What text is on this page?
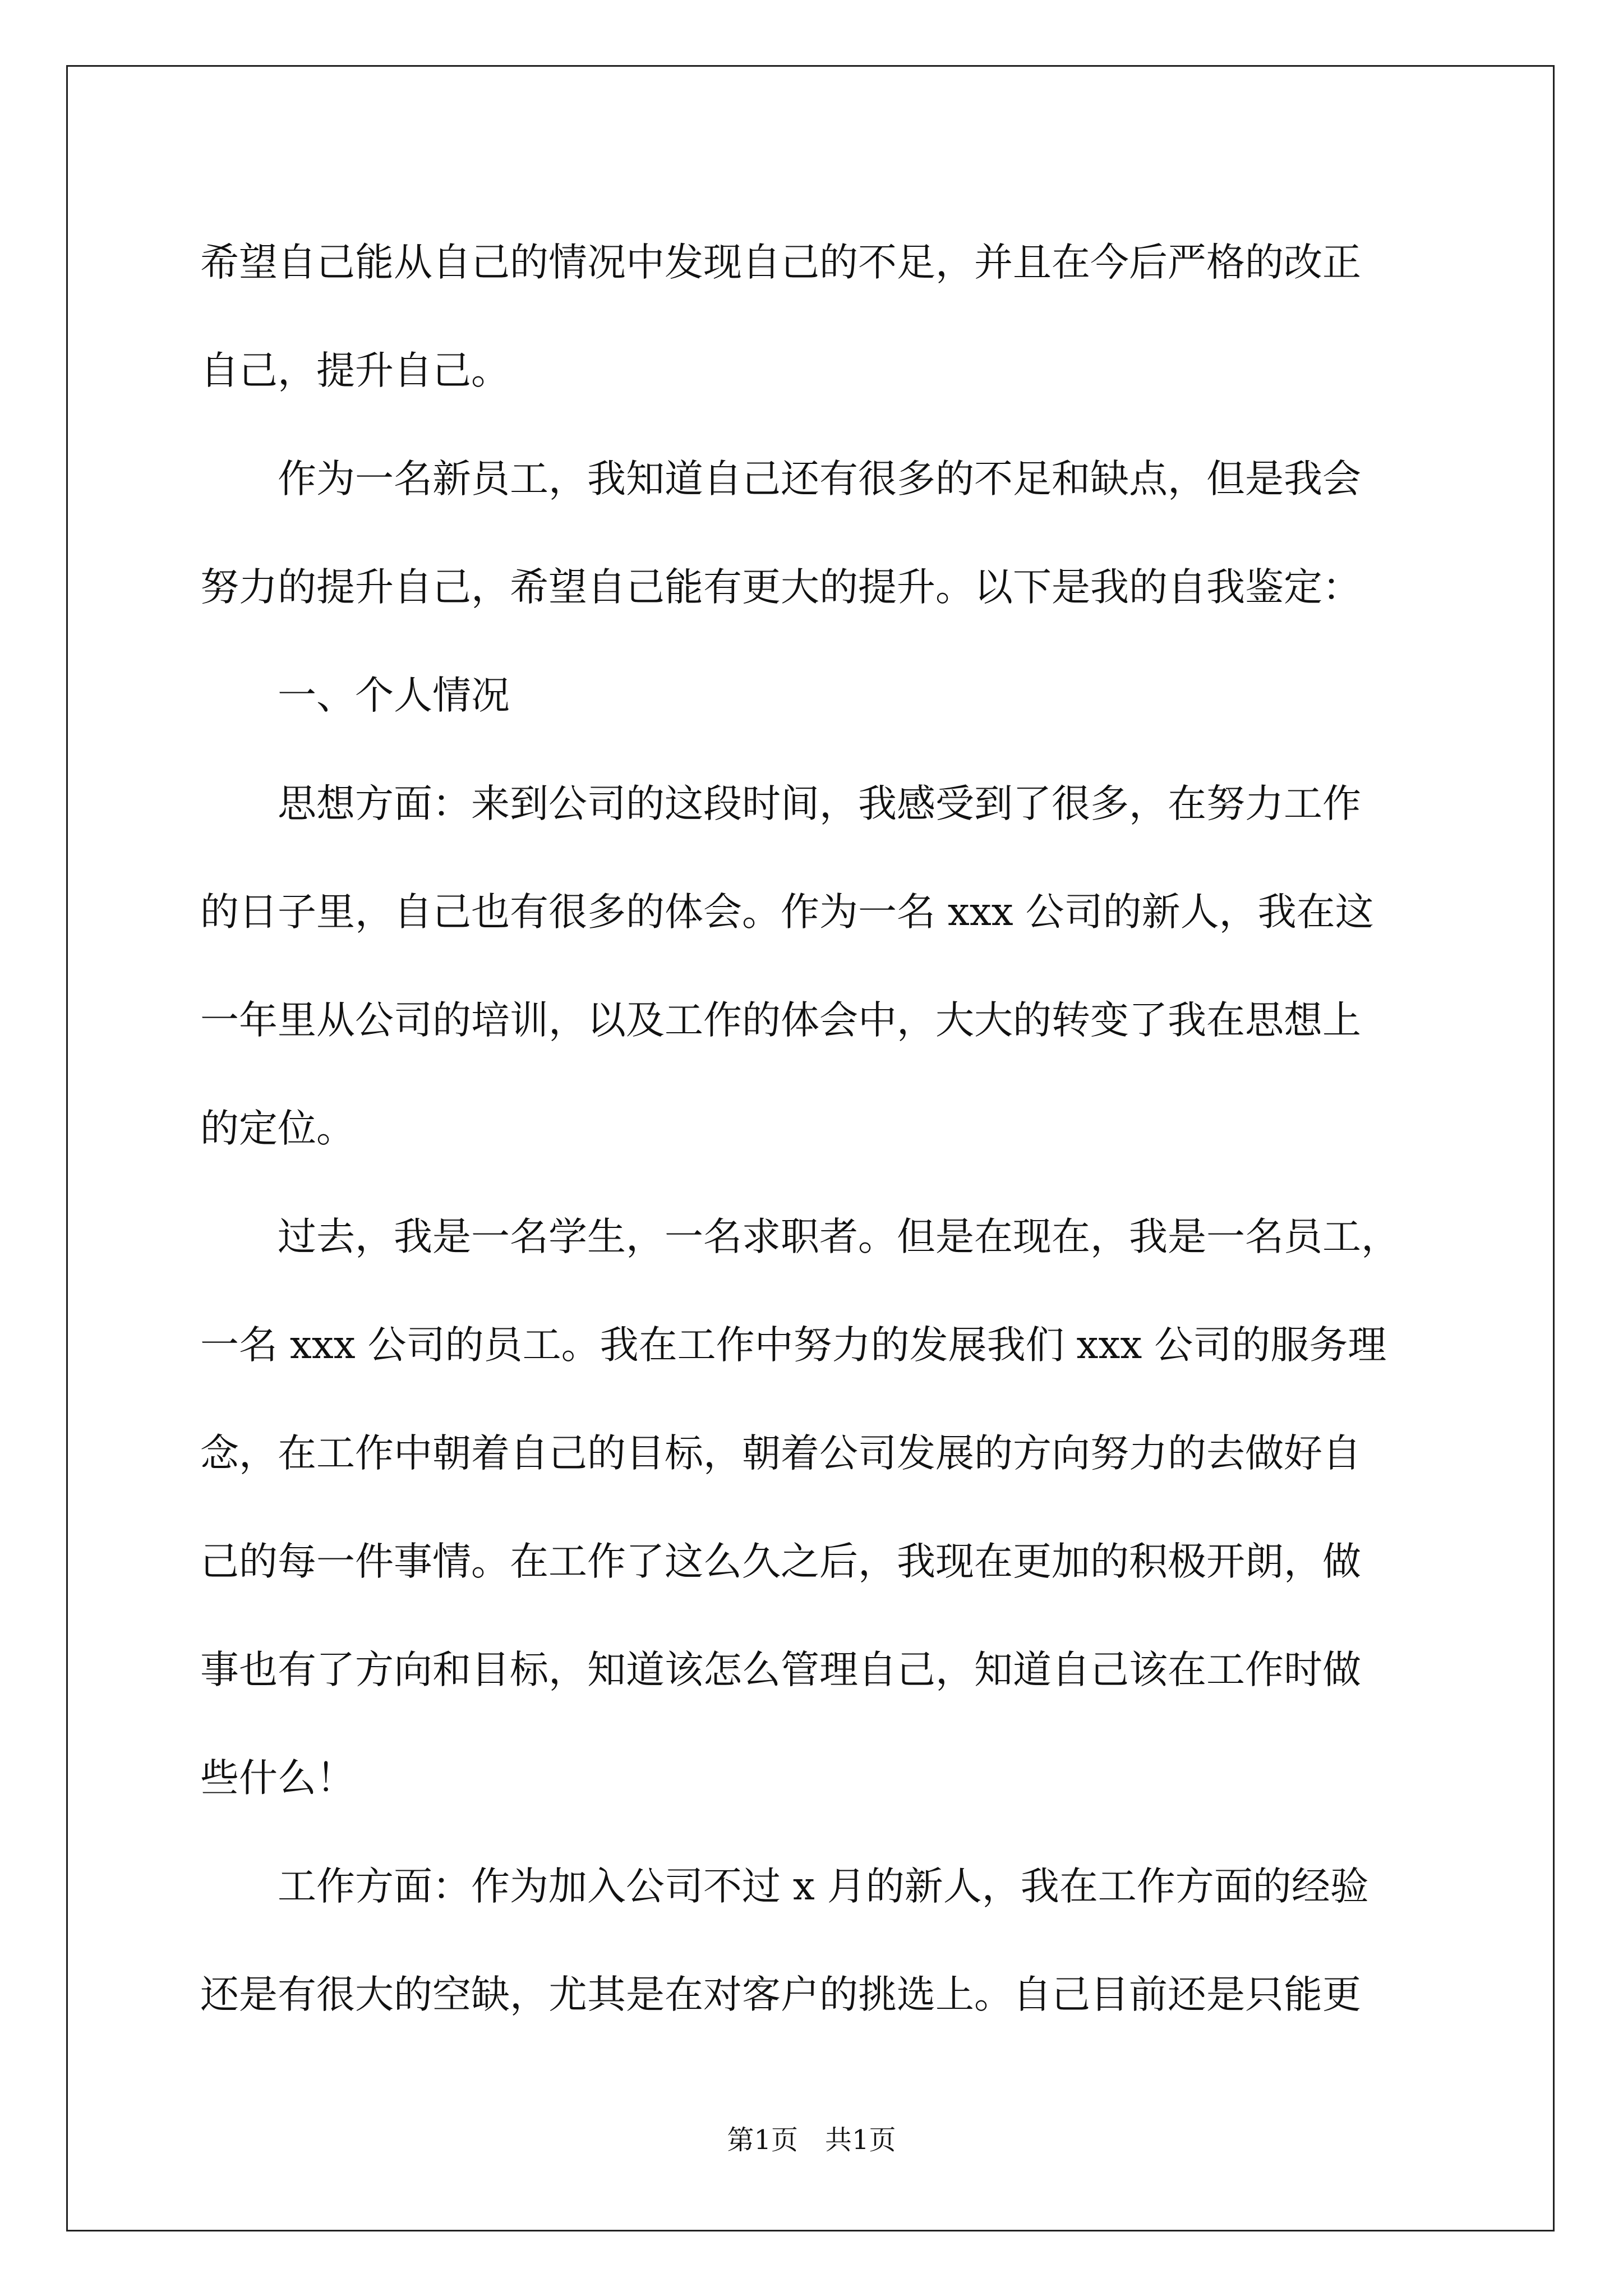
希望自己能从自己的情况中发现自己的不足，并且在今后严格的改正

自己，提升自己。

　　作为一名新员工，我知道自己还有很多的不足和缺点，但是我会

努力的提升自己，希望自己能有更大的提升。以下是我的自我鉴定：

　　一、个人情况

　　思想方面：来到公司的这段时间，我感受到了很多，在努力工作

的日子里，自己也有很多的体会。作为一名 xxx 公司的新人，我在这

一年里从公司的培训，以及工作的体会中，大大的转变了我在思想上

的定位。

　　过去，我是一名学生，一名求职者。但是在现在，我是一名员工，

一名 xxx 公司的员工。我在工作中努力的发展我们 xxx 公司的服务理

念，在工作中朝着自己的目标，朝着公司发展的方向努力的去做好自

己的每一件事情。在工作了这么久之后，我现在更加的积极开朗，做

事也有了方向和目标，知道该怎么管理自己，知道自己该在工作时做

些什么！

　　工作方面：作为加入公司不过 x 月的新人，我在工作方面的经验

还是有很大的空缺，尤其是在对客户的挑选上。自己目前还是只能更

第1页 共1页
